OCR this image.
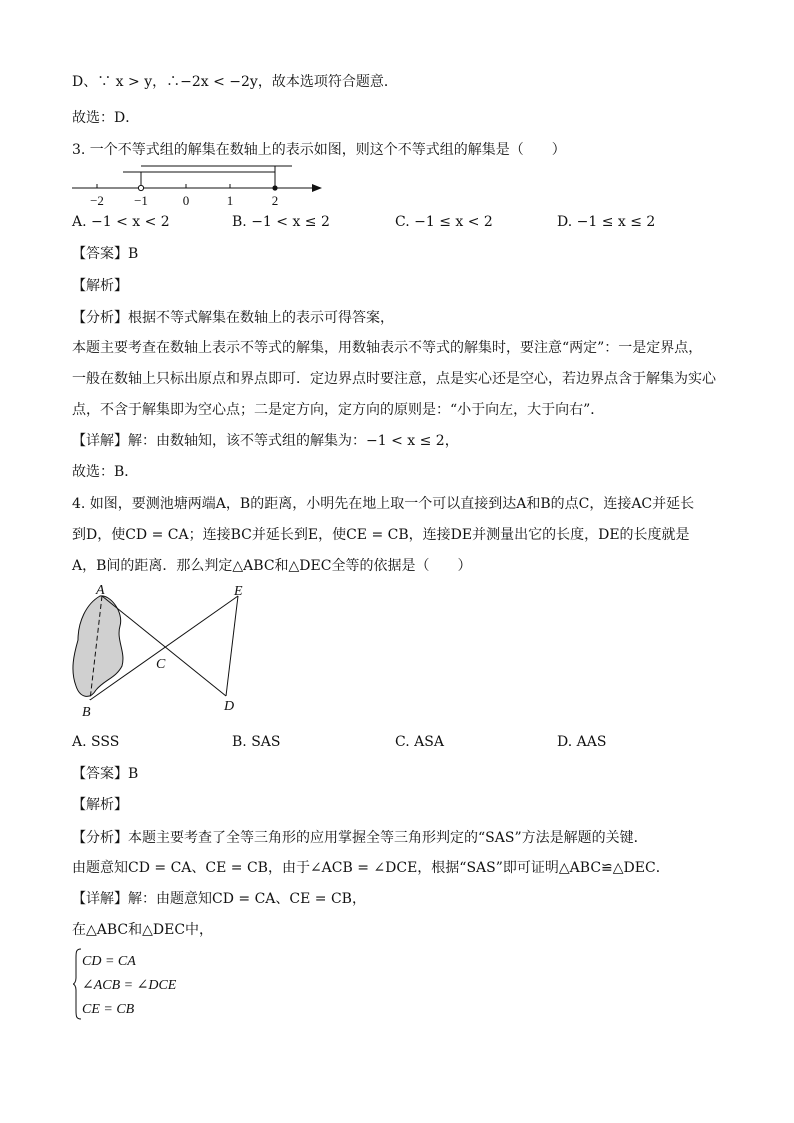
D、∵ x > y，∴−2x < −2y，故本选项符合题意．
故选：D．
3. 一个不等式组的解集在数轴上的表示如图，则这个不等式组的解集是（　　）
−2 −1	0	1	2
A. −1 < x < 2	B. −1 < x ≤ 2	C. −1 ≤ x < 2	D. −1 ≤ x ≤ 2
【答案】B
【解析】
【分析】根据不等式解集在数轴上的表示可得答案，
本题主要考查在数轴上表示不等式的解集，用数轴表示不等式的解集时，要注意“两定”：一是定界点，
一般在数轴上只标出原点和界点即可．定边界点时要注意，点是实心还是空心，若边界点含于解集为实心
点，不含于解集即为空心点；二是定方向，定方向的原则是：“小于向左，大于向右”．
【详解】解：由数轴知，该不等式组的解集为：−1 < x ≤ 2，
故选：B．
4. 如图，要测池塘两端A，B的距离，小明先在地上取一个可以直接到达A和B的点C，连接AC并延长
到D，使CD = CA；连接BC并延长到E，使CE = CB，连接DE并测量出它的长度，DE的长度就是
A，B间的距离．那么判定△ABC和△DEC全等的依据是（　　）
A
B
C
D
E
A. SSS	B. SAS	C. ASA	D. AAS
【答案】B
【解析】
【分析】本题主要考查了全等三角形的应用掌握全等三角形判定的“SAS”方法是解题的关键．
由题意知CD = CA、CE = CB，由于∠ACB = ∠DCE，根据“SAS”即可证明△ABC≌△DEC．
【详解】解：由题意知CD = CA、CE = CB，
在△ABC和△DEC中，
CD = CA
∠ACB = ∠DCE
CE = CB
